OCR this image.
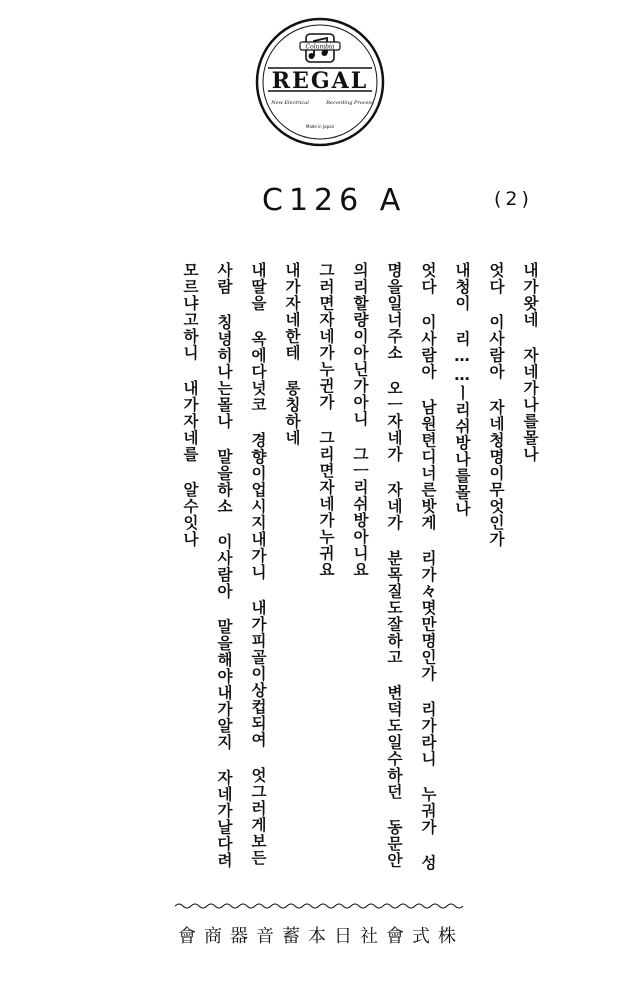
Columbia
REGAL
New Electrical	Recording Process
Made in Japan
C126 A	(2)
내가왓네 자네가나를몰나
엇다 이사람아 자네청명이무엇인가
내청이 리……ㅣ리쉬방나를몰나
엇다 이사람아 남원텬디너른밧게 리가々몃만명인가 리가라니 누궈가 성
명을일너주소 오ㅡ자네가 자네가 분목질도잘하고 변덕도일수하던 동문안
의리할량이아닌가아니 그ㅡ리쉬방아니요
그러면자네가누귄가 그리면자네가누귀요
내가자네한테 롱칭하네
내딸을 옥에다넛코 경향이업시지내가니 내가피골이상컵되여 엇그러게보든
사람 칭녕히나는몰나 말을하소 이사람아 말을해야내가알지 자네가날다려
모르냐고하니 내가자네를 알수잇나
會商器音蓄本日社會式株
